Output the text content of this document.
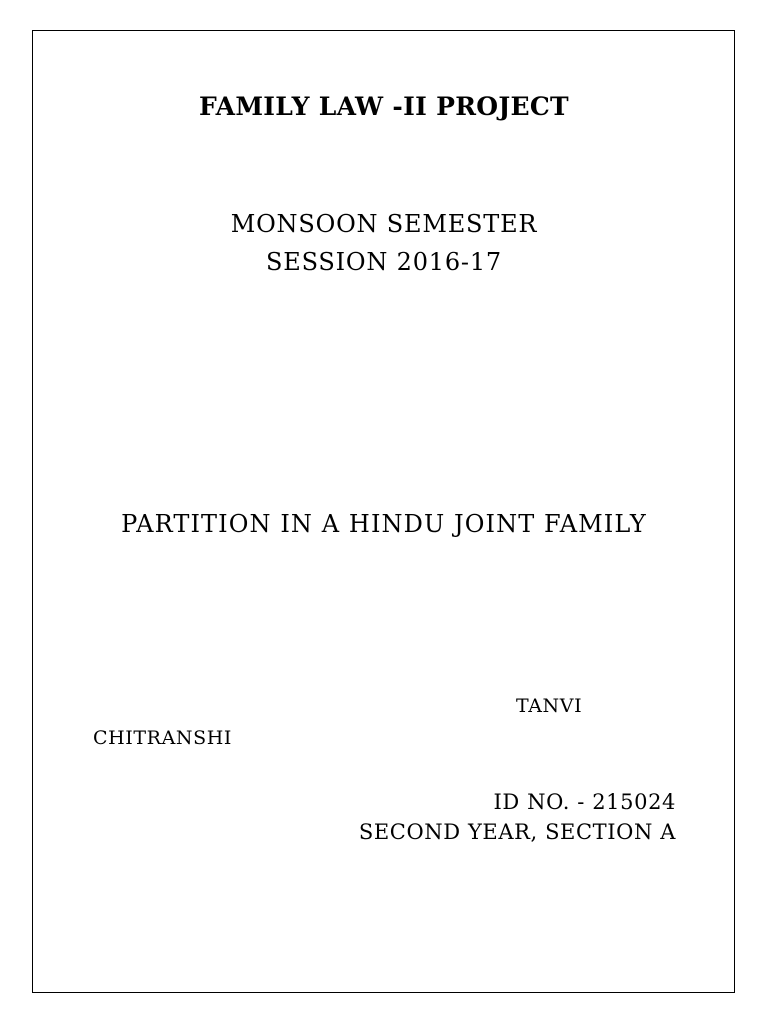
FAMILY LAW -II PROJECT
MONSOON SEMESTER
SESSION 2016-17
PARTITION IN A HINDU JOINT FAMILY
TANVI
CHITRANSHI
ID NO. - 215024
SECOND YEAR, SECTION A
